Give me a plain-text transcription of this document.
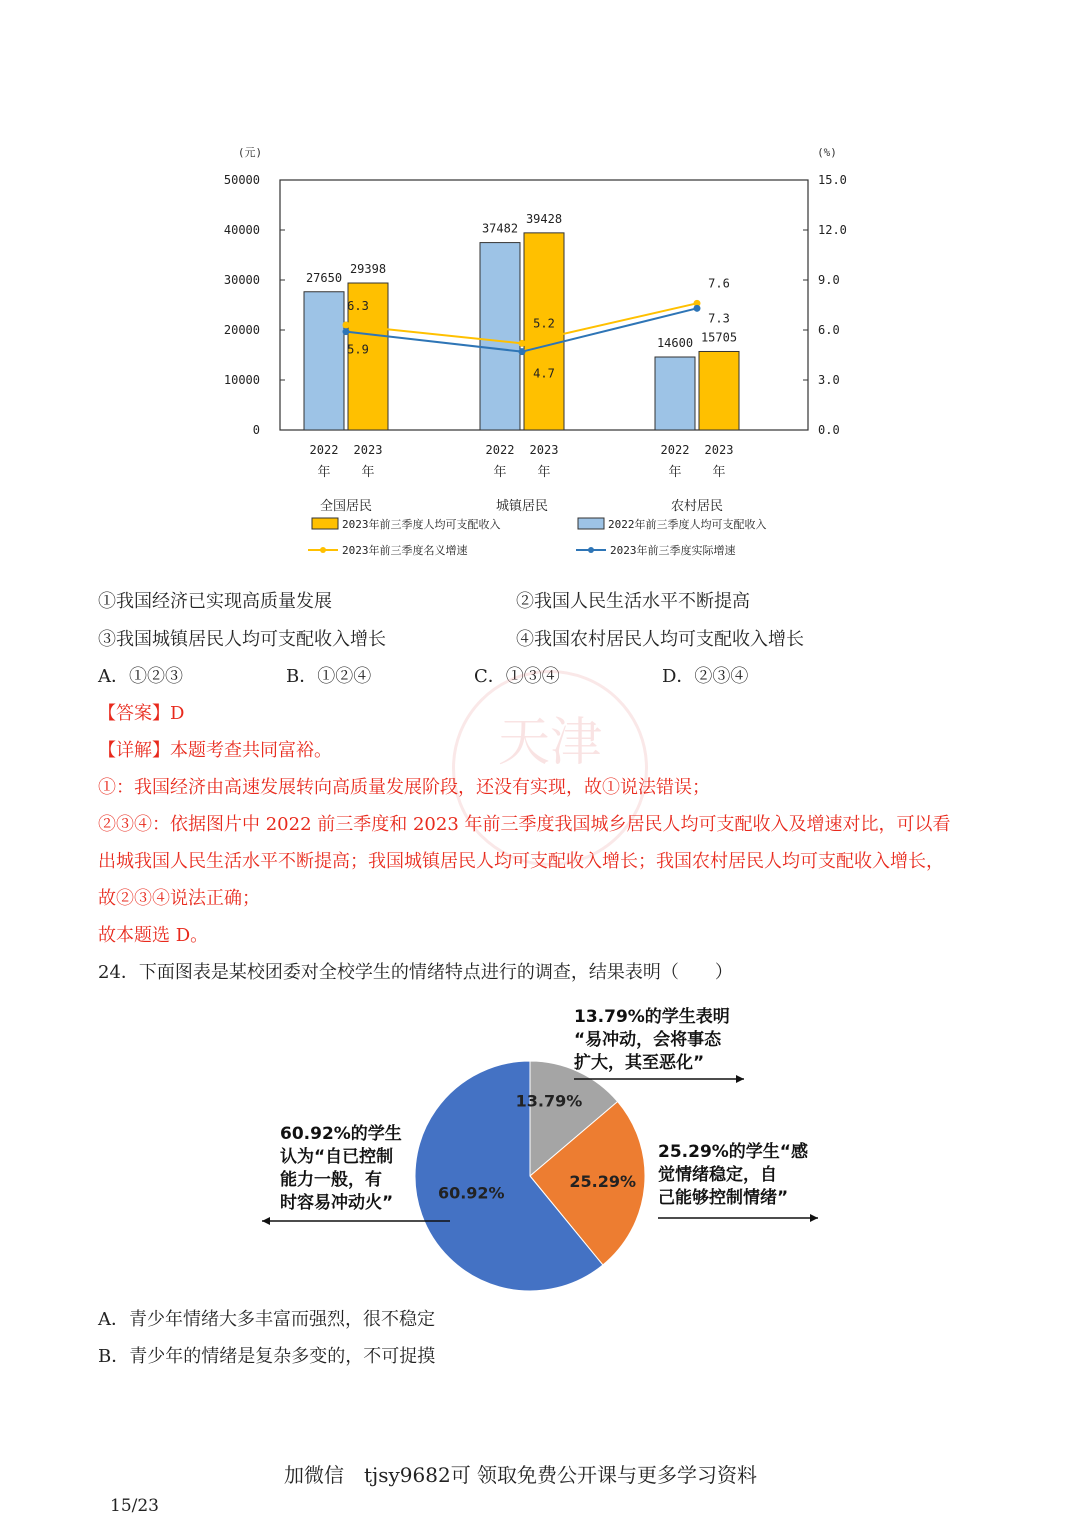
(元)	(%)
0
10000
20000
30000
40000
50000
0.0
3.0
6.0
9.0
12.0
15.0
27650
29398
2022 2023
年 年
全国居民
37482
39428
2022 2023
年 年
城镇居民
14600 15705
2022 2023
年 年
农村居民
6.3
5.2
7.6
5.9
4.7
7.3
2023年前三季度人均可支配收入	2022年前三季度人均可支配收入
2023年前三季度名义增速	2023年前三季度实际增速
①我国经济已实现高质量发展	②我国人民生活水平不断提高
③我国城镇居民人均可支配收入增长	④我国农村居民人均可支配收入增长
A．①②③	B．①②④	C．①③④	D．②③④
天津
【答案】D
【详解】本题考查共同富裕。
①：我国经济由高速发展转向高质量发展阶段，还没有实现，故①说法错误；
②③④：依据图片中 2022 前三季度和 2023 年前三季度我国城乡居民人均可支配收入及增速对比，可以看
出城我国人民生活水平不断提高；我国城镇居民人均可支配收入增长；我国农村居民人均可支配收入增长，
故②③④说法正确；
故本题选 D。
24．下面图表是某校团委对全校学生的情绪特点进行的调查，结果表明（　　）
13.79%
25.29%
60.92%
13.79%的学生表明
“易冲动，会将事态
扩大，其至恶化”
25.29%的学生“感
觉情绪稳定，自
己能够控制情绪”
60.92%的学生
认为“自已控制
能力一般，有
时容易冲动火”
A．青少年情绪大多丰富而强烈，很不稳定
B．青少年的情绪是复杂多变的，不可捉摸
加微信　tjsy9682可 领取免费公开课与更多学习资料
15/23
